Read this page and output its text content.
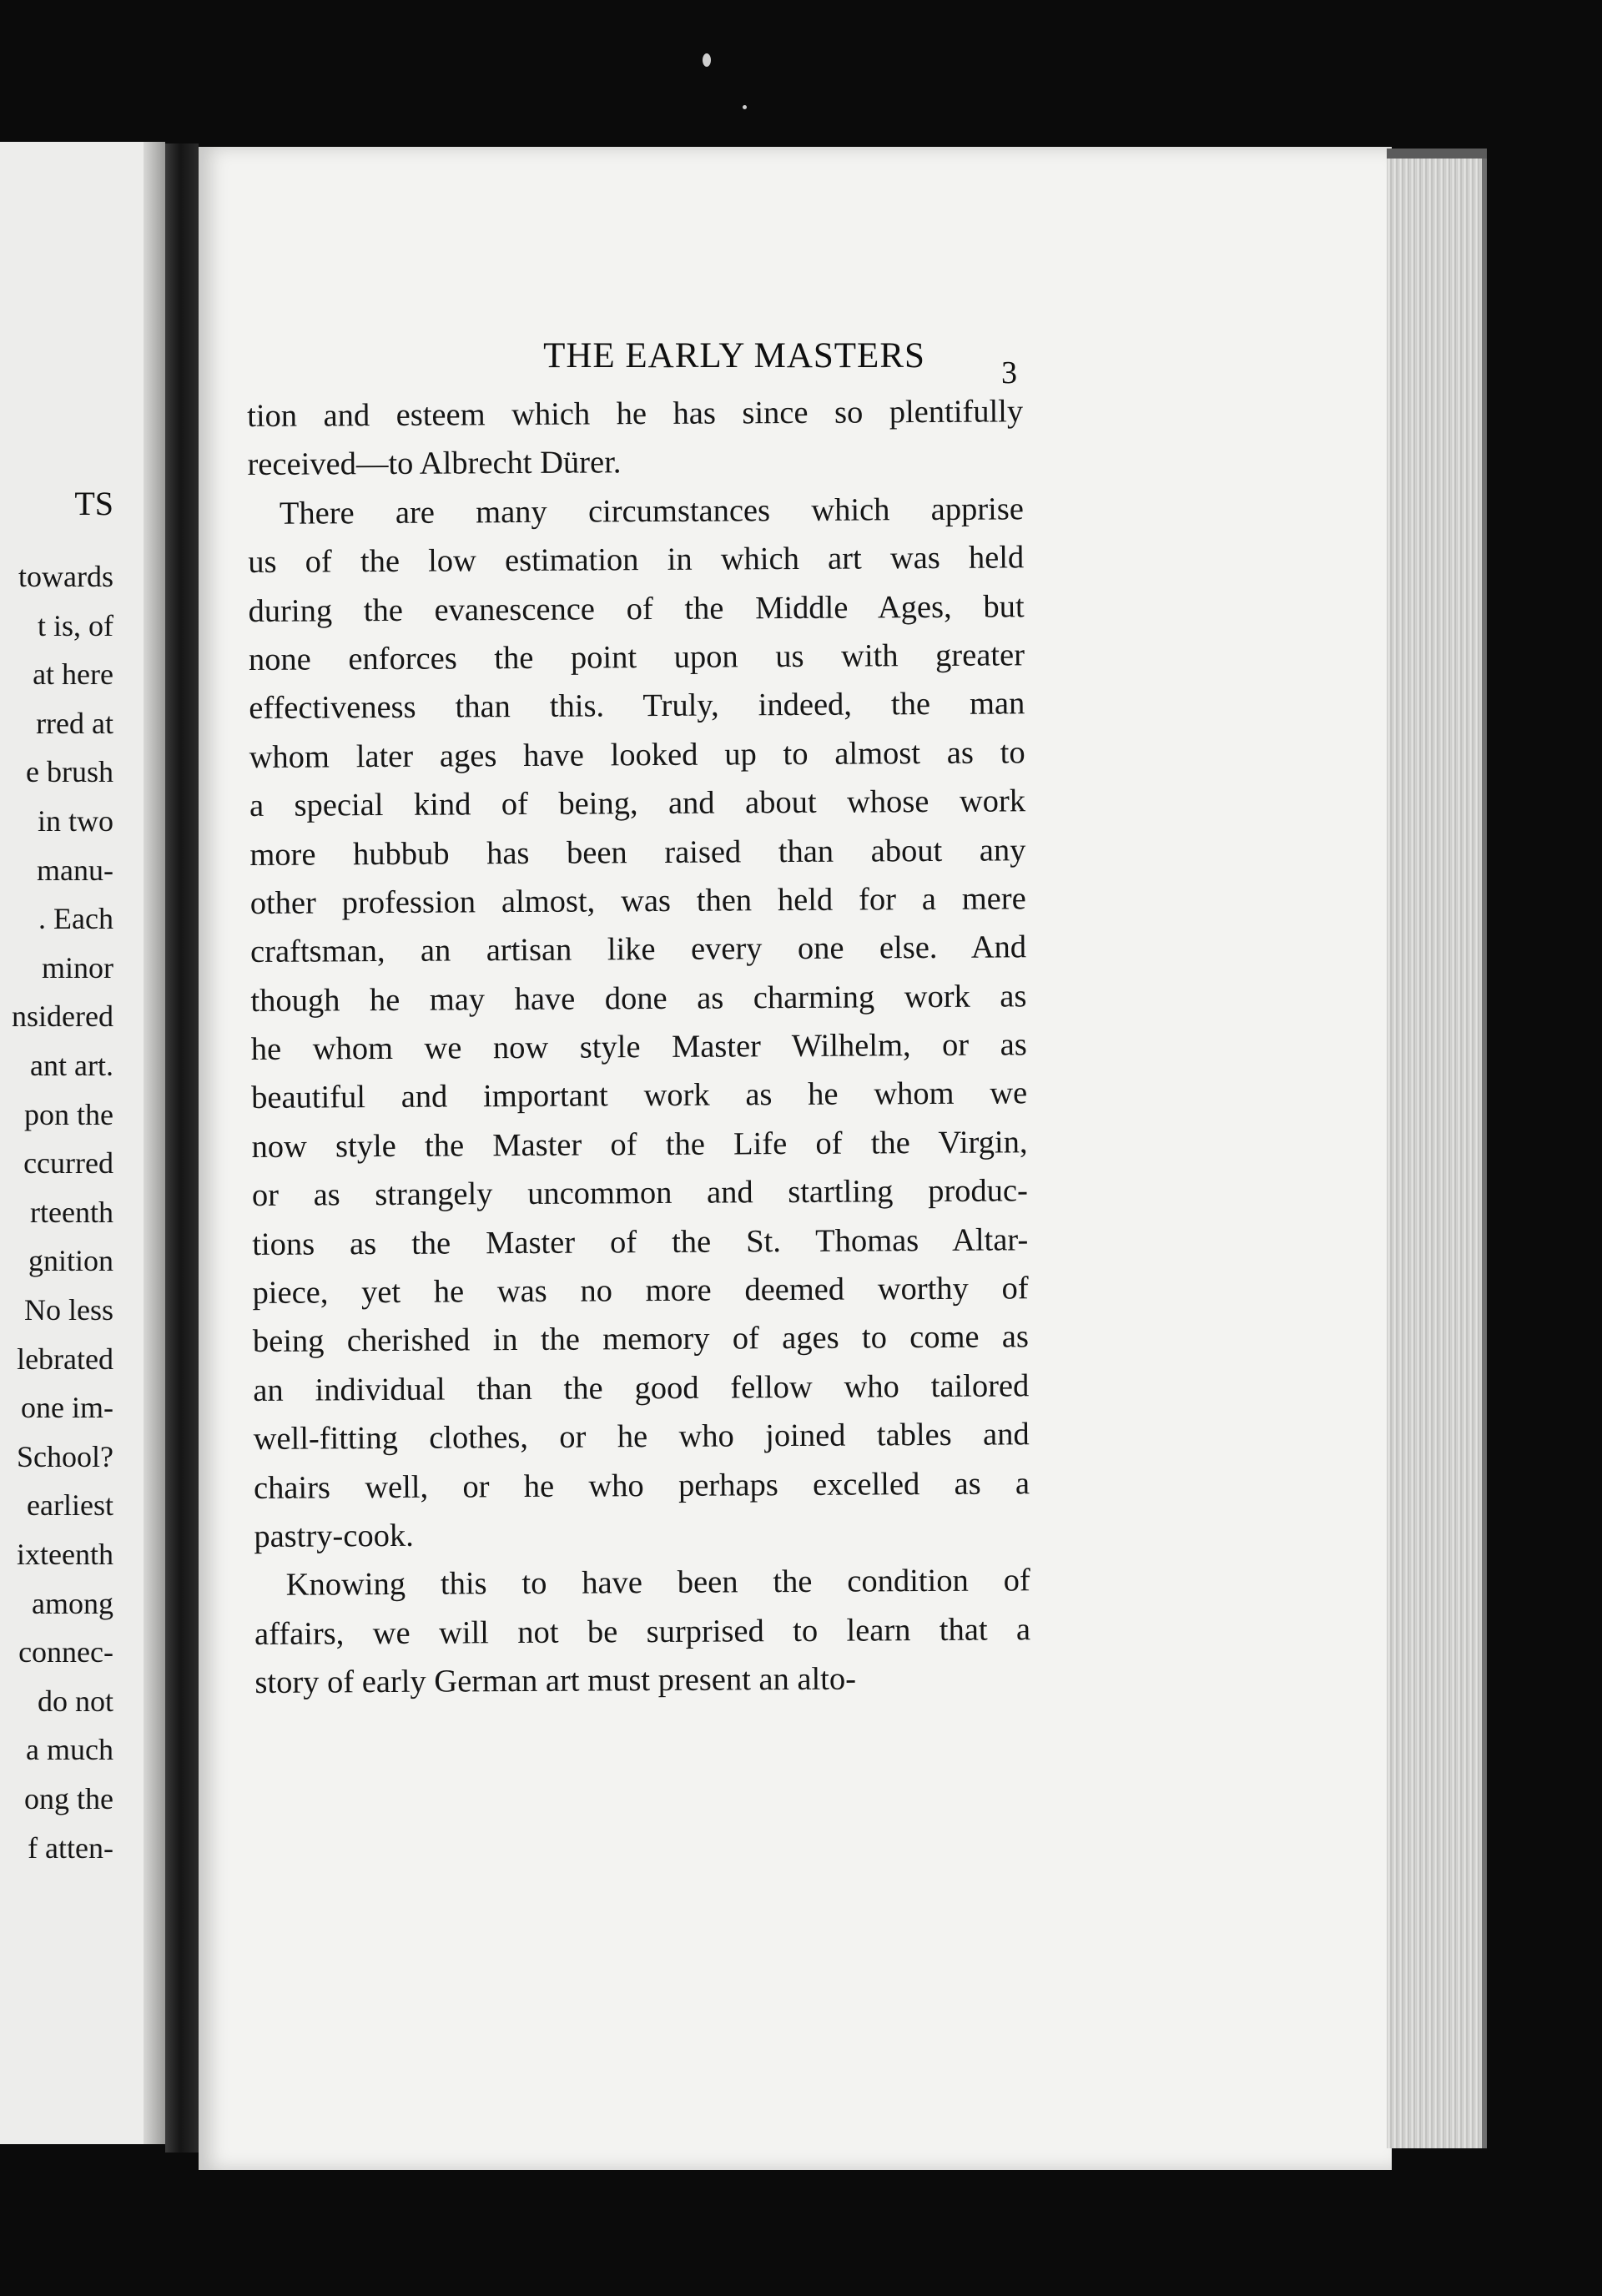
TS
towards
t is, of
at here
rred at
e brush
in two
manu-
. Each
minor
nsidered
ant art.
pon the
ccurred
rteenth
gnition
No less
lebrated
one im-
School?
earliest
ixteenth
among
connec-
do not
a much
ong the
f atten-
THE EARLY MASTERS	3
tion and esteem which he has since so plentifully
received—to Albrecht Dürer.
There are many circumstances which apprise
us of the low estimation in which art was held
during the evanescence of the Middle Ages, but
none enforces the point upon us with greater
effectiveness than this. Truly, indeed, the man
whom later ages have looked up to almost as to
a special kind of being, and about whose work
more hubbub has been raised than about any
other profession almost, was then held for a mere
craftsman, an artisan like every one else. And
though he may have done as charming work as
he whom we now style Master Wilhelm, or as
beautiful and important work as he whom we
now style the Master of the Life of the Virgin,
or as strangely uncommon and startling produc-
tions as the Master of the St. Thomas Altar-
piece, yet he was no more deemed worthy of
being cherished in the memory of ages to come as
an individual than the good fellow who tailored
well-fitting clothes, or he who joined tables and
chairs well, or he who perhaps excelled as a
pastry-cook.
Knowing this to have been the condition of
affairs, we will not be surprised to learn that a
story of early German art must present an alto-
